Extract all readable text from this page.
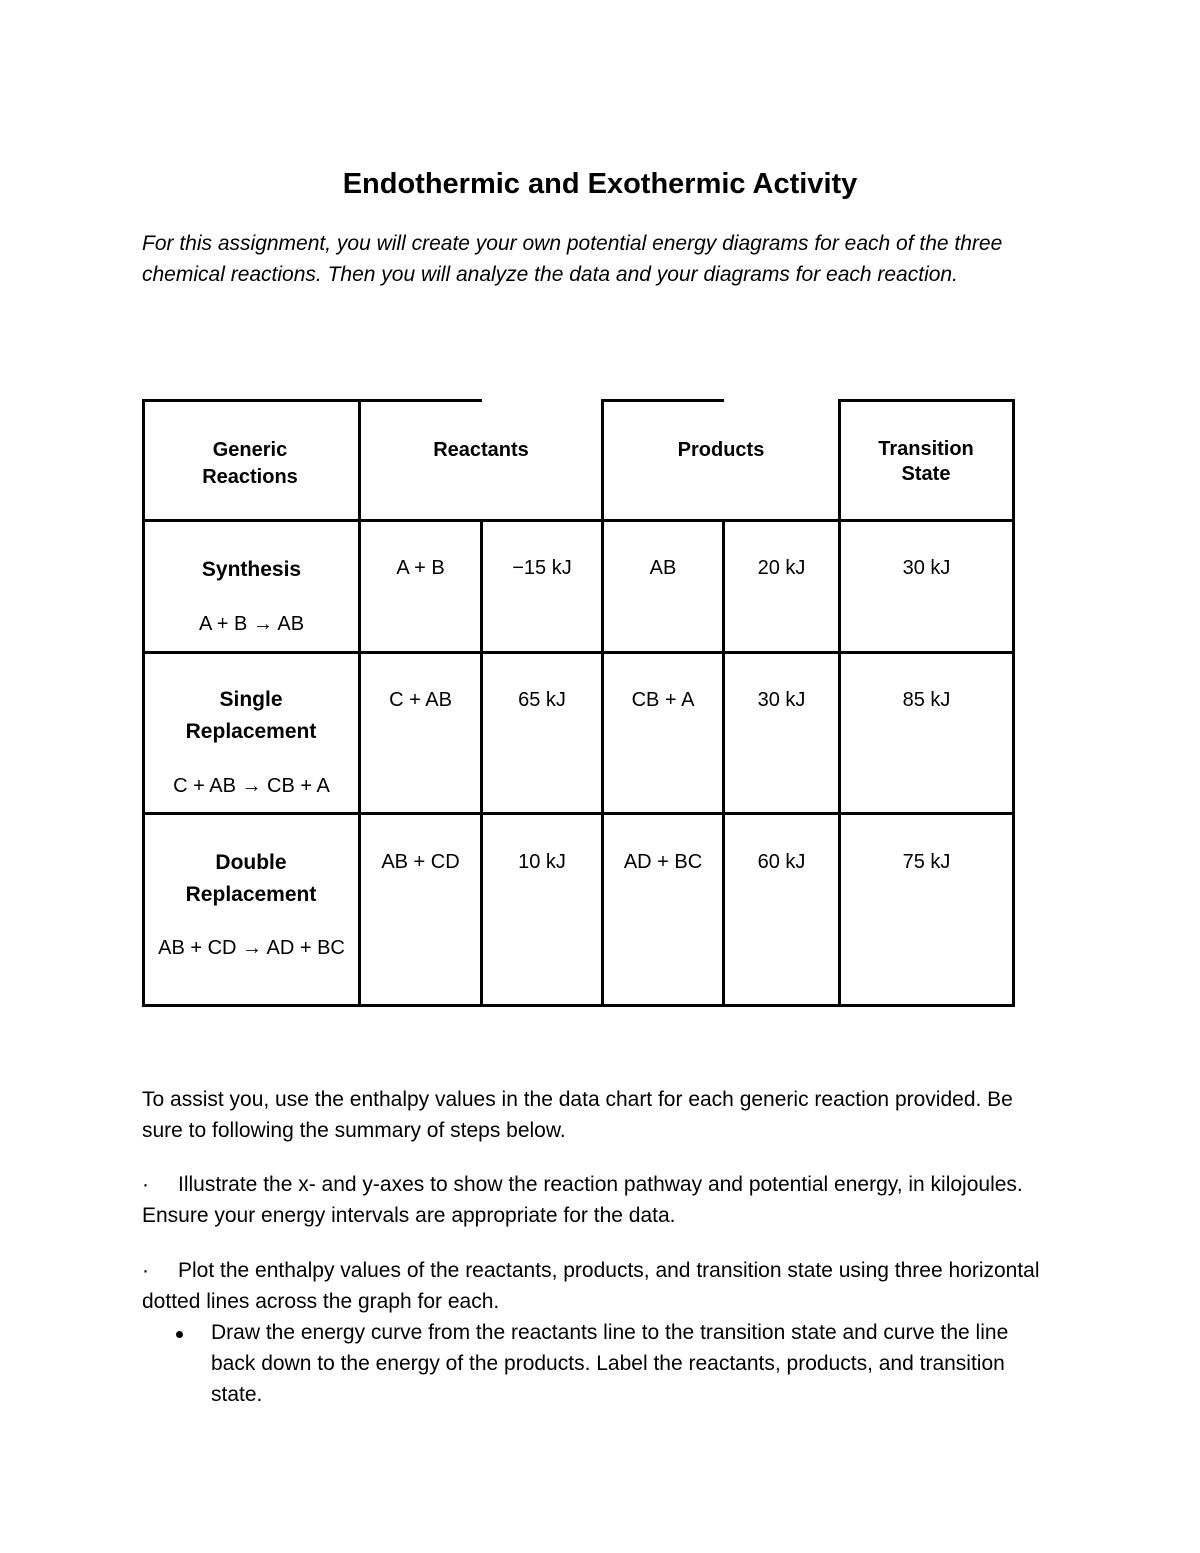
Endothermic and Exothermic Activity
For this assignment, you will create your own potential energy diagrams for each of the three chemical reactions. Then you will analyze the data and your diagrams for each reaction.
Generic Reactions
Reactants	Products	Transition State
Synthesis
A + B → AB
A + B	−15 kJ	AB	20 kJ	30 kJ
Single Replacement
C + AB → CB + A
C + AB	65 kJ	CB + A	30 kJ	85 kJ
Double Replacement
AB + CD → AD + BC
AB + CD	10 kJ	AD + BC	60 kJ	75 kJ
To assist you, use the enthalpy values in the data chart for each generic reaction provided. Be sure to following the summary of steps below.
· Illustrate the x- and y-axes to show the reaction pathway and potential energy, in kilojoules. Ensure your energy intervals are appropriate for the data.
· Plot the enthalpy values of the reactants, products, and transition state using three horizontal dotted lines across the graph for each.
Draw the energy curve from the reactants line to the transition state and curve the line back down to the energy of the products. Label the reactants, products, and transition state.
